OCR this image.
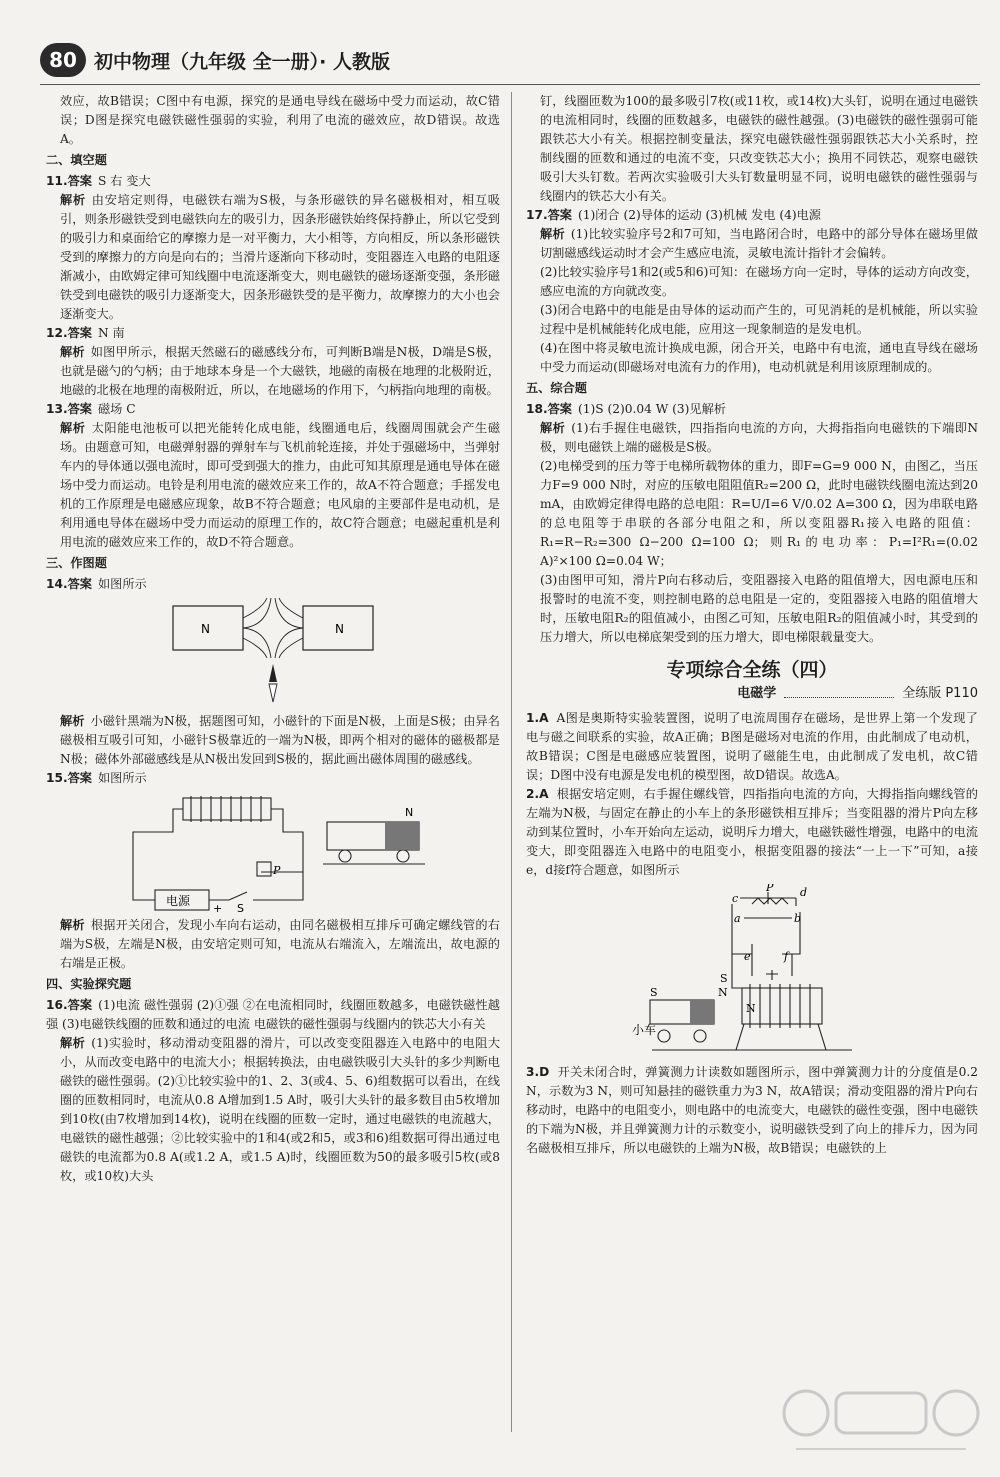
80 初中物理（九年级 全一册）· 人教版

效应，故B错误；C图中有电源，探究的是通电导线在磁场中受力而运动，故C错误；D图是探究电磁铁磁性强弱的实验，利用了电流的磁效应，故D错误。故选A。

二、填空题

11.答案 S 右 变大

解析 由安培定则得，电磁铁右端为S极，与条形磁铁的异名磁极相对，相互吸引，则条形磁铁受到电磁铁向左的吸引力，因条形磁铁始终保持静止，所以它受到的吸引力和桌面给它的摩擦力是一对平衡力，大小相等，方向相反，所以条形磁铁受到的摩擦力的方向是向右的；当滑片逐渐向下移动时，变阻器连入电路的电阻逐渐减小，由欧姆定律可知线圈中电流逐渐变大，则电磁铁的磁场逐渐变强，条形磁铁受到电磁铁的吸引力逐渐变大，因条形磁铁受的是平衡力，故摩擦力的大小也会逐渐变大。

12.答案 N 南

解析 如图甲所示，根据天然磁石的磁感线分布，可判断B端是N极，D端是S极，也就是磁勺的勺柄；由于地球本身是一个大磁铁，地磁的南极在地理的北极附近，地磁的北极在地理的南极附近，所以，在地磁场的作用下，勺柄指向地理的南极。

13.答案 磁场 C

解析 太阳能电池板可以把光能转化成电能，线圈通电后，线圈周围就会产生磁场。由题意可知，电磁弹射器的弹射车与飞机前轮连接，并处于强磁场中，当弹射车内的导体通以强电流时，即可受到强大的推力，由此可知其原理是通电导体在磁场中受力而运动。电铃是利用电流的磁效应来工作的，故A不符合题意；手摇发电机的工作原理是电磁感应现象，故B不符合题意；电风扇的主要部件是电动机，是利用通电导体在磁场中受力而运动的原理工作的，故C符合题意；电磁起重机是利用电流的磁效应来工作的，故D不符合题意。

三、作图题

14.答案 如图所示

N	N

解析 小磁针黑端为N极，据题图可知，小磁针的下面是N极，上面是S极；由异名磁极相互吸引可知，小磁针S极靠近的一端为N极，即两个相对的磁体的磁极都是N极；磁体外部磁感线是从N极出发回到S极的，据此画出磁体周围的磁感线。

15.答案 如图所示

电源
+ S
P
N

解析 根据开关闭合，发现小车向右运动，由同名磁极相互排斥可确定螺线管的右端为S极，左端是N极，由安培定则可知，电流从右端流入，左端流出，故电源的右端是正极。

四、实验探究题

16.答案 (1)电流 磁性强弱 (2)①强 ②在电流相同时，线圈匝数越多，电磁铁磁性越强 (3)电磁铁线圈的匝数和通过的电流 电磁铁的磁性强弱与线圈内的铁芯大小有关

解析 (1)实验时，移动滑动变阻器的滑片，可以改变变阻器连入电路中的电阻大小，从而改变电路中的电流大小；根据转换法，由电磁铁吸引大头针的多少判断电磁铁的磁性强弱。(2)①比较实验中的1、2、3(或4、5、6)组数据可以看出，在线圈的匝数相同时，电流从0.8 A增加到1.5 A时，吸引大头针的最多数目由5枚增加到10枚(由7枚增加到14枚)，说明在线圈的匝数一定时，通过电磁铁的电流越大，电磁铁的磁性越强；②比较实验中的1和4(或2和5，或3和6)组数据可得出通过电磁铁的电流都为0.8 A(或1.2 A，或1.5 A)时，线圈匝数为50的最多吸引5枚(或8枚，或10枚)大头

钉，线圈匝数为100的最多吸引7枚(或11枚，或14枚)大头钉，说明在通过电磁铁的电流相同时，线圈的匝数越多，电磁铁的磁性越强。(3)电磁铁的磁性强弱可能跟铁芯大小有关。根据控制变量法，探究电磁铁磁性强弱跟铁芯大小关系时，控制线圈的匝数和通过的电流不变，只改变铁芯大小；换用不同铁芯，观察电磁铁吸引大头钉数。若两次实验吸引大头钉数量明显不同，说明电磁铁的磁性强弱与线圈内的铁芯大小有关。

17.答案 (1)闭合 (2)导体的运动 (3)机械 发电 (4)电源

解析 (1)比较实验序号2和7可知，当电路闭合时，电路中的部分导体在磁场里做切割磁感线运动时才会产生感应电流，灵敏电流计指针才会偏转。

(2)比较实验序号1和2(或5和6)可知：在磁场方向一定时，导体的运动方向改变，感应电流的方向就改变。

(3)闭合电路中的电能是由导体的运动而产生的，可见消耗的是机械能，所以实验过程中是机械能转化成电能，应用这一现象制造的是发电机。

(4)在图中将灵敏电流计换成电源，闭合开关，电路中有电流，通电直导线在磁场中受力而运动(即磁场对电流有力的作用)，电动机就是利用该原理制成的。

五、综合题

18.答案 (1)S (2)0.04 W (3)见解析

解析 (1)右手握住电磁铁，四指指向电流的方向，大拇指指向电磁铁的下端即N极，则电磁铁上端的磁极是S极。

(2)电梯受到的压力等于电梯所载物体的重力，即F=G=9 000 N，由图乙，当压力F=9 000 N时，对应的压敏电阻阻值R₂=200 Ω，此时电磁铁线圈电流达到20 mA，由欧姆定律得电路的总电阻：R=U/I=6 V/0.02 A=300 Ω，因为串联电路的总电阻等于串联的各部分电阻之和，所以变阻器R₁接入电路的阻值：R₁=R−R₂=300 Ω−200 Ω=100 Ω；则R₁的电功率：P₁=I²R₁=(0.02 A)²×100 Ω=0.04 W；

(3)由图甲可知，滑片P向右移动后，变阻器接入电路的阻值增大，因电源电压和报警时的电流不变，则控制电路的总电阻是一定的，变阻器接入电路的阻值增大时，压敏电阻R₂的阻值减小，由图乙可知，压敏电阻R₂的阻值减小时，其受到的压力增大，所以电梯底架受到的压力增大，即电梯限载量变大。

专项综合全练（四）
电磁学	全练版 P110

1.A A图是奥斯特实验装置图，说明了电流周围存在磁场，是世界上第一个发现了电与磁之间联系的实验，故A正确；B图是磁场对电流的作用，由此制成了电动机，故B错误；C图是电磁感应装置图，说明了磁能生电，由此制成了发电机，故C错误；D图中没有电源是发电机的模型图，故D错误。故选A。

2.A 根据安培定则，右手握住螺线管，四指指向电流的方向，大拇指指向螺线管的左端为N极，与固定在静止的小车上的条形磁铁相互排斥；当变阻器的滑片P向左移动到某位置时，小车开始向左运动，说明斥力增大，电磁铁磁性增强，电路中的电流变大，即变阻器连入电路中的电阻变小，根据变阻器的接法“一上一下”可知，a接e，d接f符合题意，如图所示

c
P d
a	b
e	f
S
S	N
N
小车

3.D 开关未闭合时，弹簧测力计读数如题图所示，图中弹簧测力计的分度值是0.2 N，示数为3 N，则可知悬挂的磁铁重力为3 N，故A错误；滑动变阻器的滑片P向右移动时，电路中的电阻变小，则电路中的电流变大，电磁铁的磁性变强，图中电磁铁的下端为N极，并且弹簧测力计的示数变小，说明磁铁受到了向上的排斥力，因为同名磁极相互排斥，所以电磁铁的上端为N极，故B错误；电磁铁的上
